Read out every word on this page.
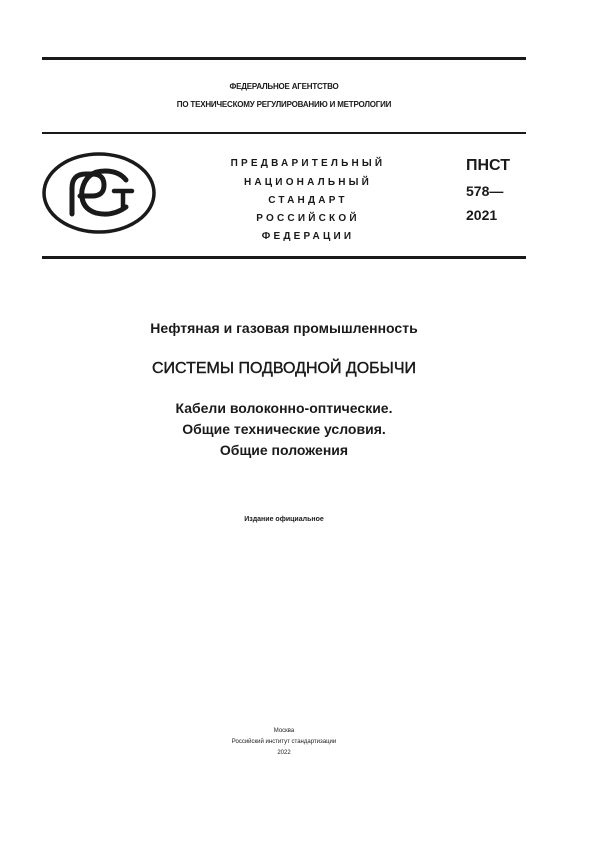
ФЕДЕРАЛЬНОЕ АГЕНТСТВО
ПО ТЕХНИЧЕСКОМУ РЕГУЛИРОВАНИЮ И МЕТРОЛОГИИ
ПРЕДВАРИТЕЛЬНЫЙ
НАЦИОНАЛЬНЫЙ
СТАНДАРТ
РОССИЙСКОЙ
ФЕДЕРАЦИИ
ПНСТ
578—
2021
Нефтяная и газовая промышленность
СИСТЕМЫ ПОДВОДНОЙ ДОБЫЧИ
Кабели волоконно-оптические.
Общие технические условия.
Общие положения
Издание официальное
Москва
Российский институт стандартизации
2022
